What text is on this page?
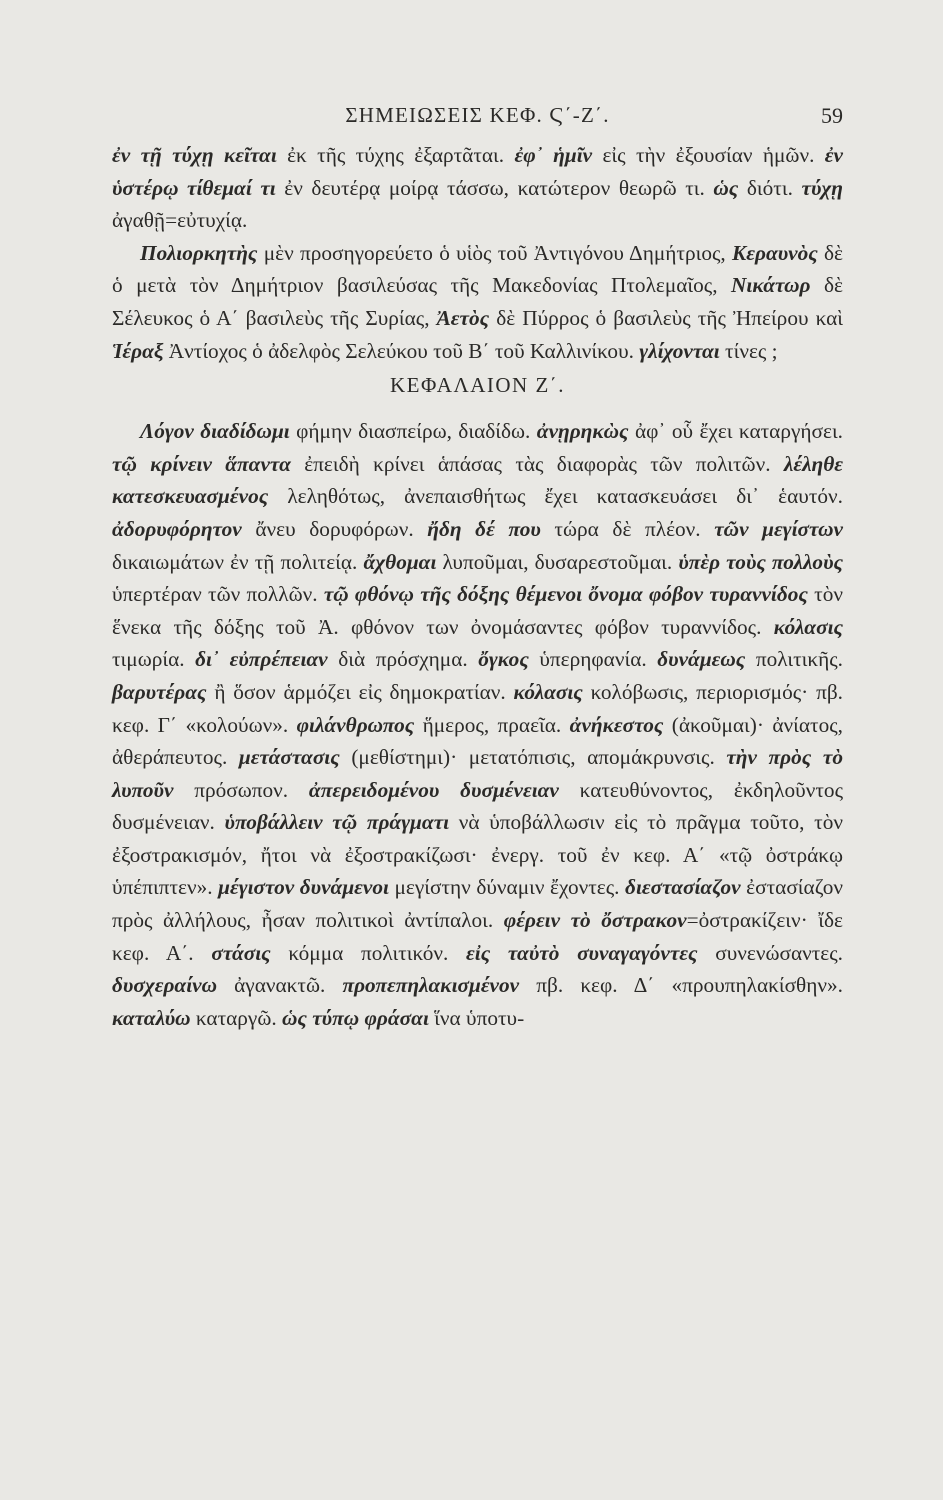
ΣΗΜΕΙΩΣΕΙΣ ΚΕΦ. Ϛ΄-Ζ΄.	59

ἐν τῇ τύχῃ κεῖται ἐκ τῆς τύχης ἐξαρτᾶται. ἐφ᾽ ἡμῖν εἰς τὴν ἐξουσίαν ἡμῶν. ἐν ὑστέρῳ τίθεμαί τι ἐν δευτέρᾳ μοίρᾳ τάσσω, κατώτερον θεωρῶ τι. ὡς διότι. τύχῃ ἀγαθῇ=εὐτυχίᾳ.

Πολιορκητὴς μὲν προσηγορεύετο ὁ υἱὸς τοῦ Ἀντιγόνου Δημήτριος, Κεραυνὸς δὲ ὁ μετὰ τὸν Δημήτριον βασιλεύσας τῆς Μακεδονίας Πτολεμαῖος, Νικάτωρ δὲ Σέλευκος ὁ Α΄ βασιλεὺς τῆς Συρίας, Ἀετὸς δὲ Πύρρος ὁ βασιλεὺς τῆς Ἠπείρου καὶ Ἱέραξ Ἀντίοχος ὁ ἀδελφὸς Σελεύκου τοῦ Β΄ τοῦ Καλλινίκου. γλίχονται τίνες ;

ΚΕΦΑΛΑΙΟΝ Ζ΄.

Λόγον διαδίδωμι φήμην διασπείρω, διαδίδω. ἀνῃρηκὼς ἀφ᾽ οὗ ἔχει καταργήσει. τῷ κρίνειν ἅπαντα ἐπειδὴ κρίνει ἁπάσας τὰς διαφορὰς τῶν πολιτῶν. λέληθε κατεσκευασμένος λεληθότως, ἀνεπαισθήτως ἔχει κατασκευάσει δι᾽ ἑαυτόν. ἀδορυφόρητον ἄνευ δορυφόρων. ἤδη δέ που τώρα δὲ πλέον. τῶν μεγίστων δικαιωμάτων ἐν τῇ πολιτείᾳ. ἄχθομαι λυποῦμαι, δυσαρεστοῦμαι. ὑπὲρ τοὺς πολλοὺς ὑπερτέραν τῶν πολλῶν. τῷ φθόνῳ τῆς δόξης θέμενοι ὄνομα φόβον τυραννίδος τὸν ἕνεκα τῆς δόξης τοῦ Ἀ. φθόνον των ὀνομάσαντες φόβον τυραννίδος. κόλασις τιμωρία. δι᾽ εὐπρέπειαν διὰ πρόσχημα. ὄγκος ὑπερηφανία. δυνάμεως πολιτικῆς. βαρυτέρας ἢ ὅσον ἁρμόζει εἰς δημοκρατίαν. κόλασις κολόβωσις, περιορισμός· πβ. κεφ. Γ΄ «κολούων». φιλάνθρωπος ἥμερος, πραεῖα. ἀνήκεστος (ἀκοῦμαι)· ἀνίατος, ἀθεράπευτος. μετάστασις (μεθίστημι)· μετατόπισις, απομάκρυνσις. τὴν πρὸς τὸ λυποῦν πρόσωπον. ἀπερειδομένου δυσμένειαν κατευθύνοντος, ἐκδηλοῦντος δυσμένειαν. ὑποβάλλειν τῷ πράγματι νὰ ὑποβάλλωσιν εἰς τὸ πρᾶγμα τοῦτο, τὸν ἐξοστρακισμόν, ἤτοι νὰ ἐξοστρακίζωσι· ἐνεργ. τοῦ ἐν κεφ. Α΄ «τῷ ὀστράκῳ ὑπέπιπτεν». μέγιστον δυνάμενοι μεγίστην δύναμιν ἔχοντες. διεστασίαζον ἐστασίαζον πρὸς ἀλλήλους, ἦσαν πολιτικοὶ ἀντίπαλοι. φέρειν τὸ ὄστρακον=ὀστρακίζειν· ἴδε κεφ. Α΄. στάσις κόμμα πολιτικόν. εἰς ταὐτὸ συναγαγόντες συνενώσαντες. δυσχεραίνω ἀγανακτῶ. προπεπηλακισμένον πβ. κεφ. Δ΄ «προυπηλακίσθην». καταλύω καταργῶ. ὡς τύπῳ φράσαι ἵνα ὑποτυ-
